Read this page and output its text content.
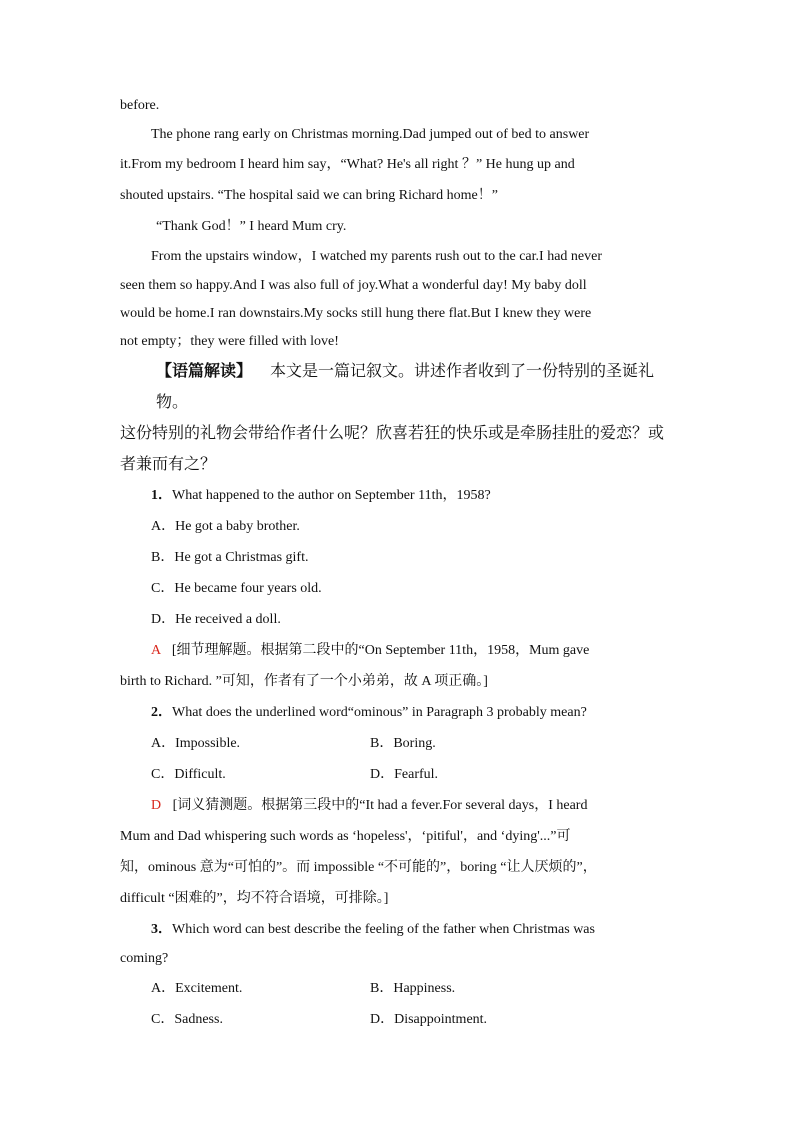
before.
The phone rang early on Christmas morning.Dad jumped out of bed to answer
it.From my bedroom I heard him say，“What? He's all right ？” He hung up and
shouted upstairs. “The hospital said we can bring Richard home！”
“Thank God！” I heard Mum cry.
From the upstairs window，I watched my parents rush out to the car.I had never
seen them so happy.And I was also full of joy.What a wonderful day! My baby doll
would be home.I ran downstairs.My socks still hung there flat.But I knew they were
not empty；they were filled with love!
【语篇解读】 本文是一篇记叙文。讲述作者收到了一份特别的圣诞礼物。
这份特别的礼物会带给作者什么呢？欣喜若狂的快乐或是牵肠挂肚的爱恋？或
者兼而有之？
1．What happened to the author on September 11th，1958?
A．He got a baby brother.
B．He got a Christmas gift.
C．He became four years old.
D．He received a doll.
A [细节理解题。根据第二段中的“On September 11th，1958，Mum gave
birth to Richard. ”可知，作者有了一个小弟弟，故 A 项正确。]
2．What does the underlined word“ominous” in Paragraph 3 probably mean?
A．Impossible.	B．Boring.
C．Difficult.	D．Fearful.
D [词义猜测题。根据第三段中的“It had a fever.For several days，I heard
Mum and Dad whispering such words as ‘hopeless'，‘pitiful'，and ‘dying'...”可
知，ominous 意为“可怕的”。而 impossible “不可能的”，boring “让人厌烦的”，
difficult “困难的”，均不符合语境，可排除。]
3．Which word can best describe the feeling of the father when Christmas was
coming?
A．Excitement.	B．Happiness.
C．Sadness.	D．Disappointment.
